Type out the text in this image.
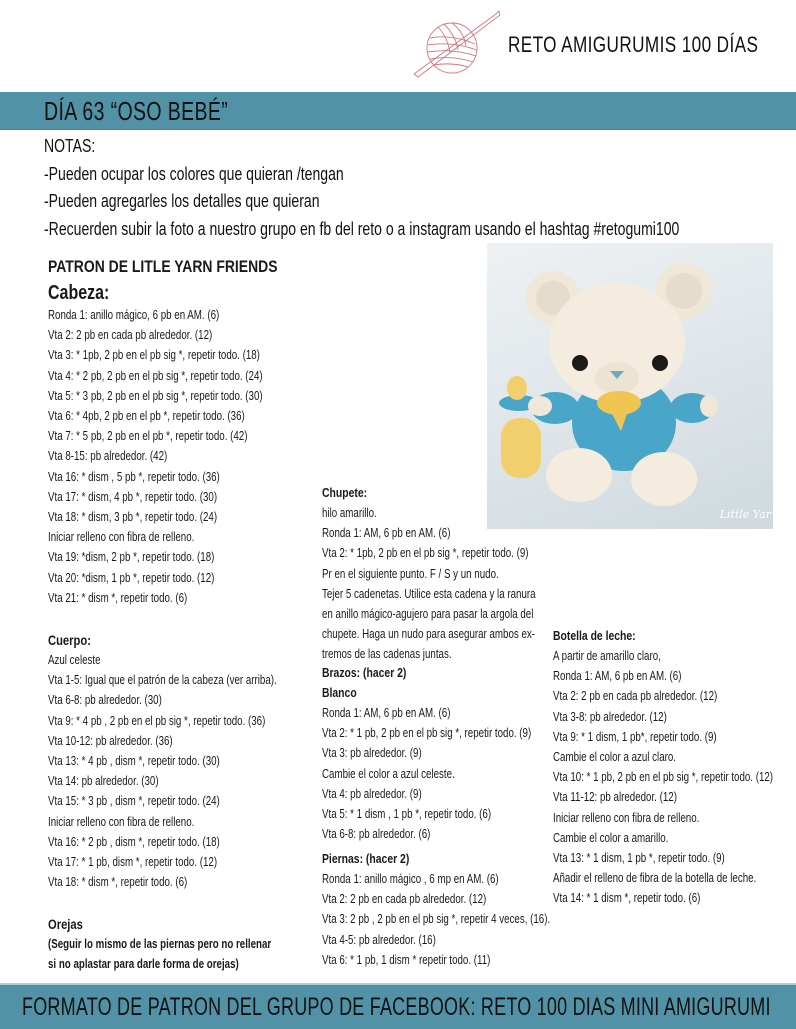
RETO AMIGURUMIS 100 DÍAS
DÍA 63 “OSO BEBÉ”
NOTAS:
-Pueden ocupar los colores que quieran /tengan
-Pueden agregarles los detalles que quieran
-Recuerden subir la foto a nuestro grupo en fb del reto o a instagram usando el hashtag #retogumi100
PATRON DE LITLE YARN FRIENDS
Cabeza:
Ronda 1: anillo mágico, 6 pb en AM. (6)
Vta 2: 2 pb en cada pb alrededor. (12)
Vta 3: * 1pb, 2 pb en el pb sig *, repetir todo. (18)
Vta 4: * 2 pb, 2 pb en el pb sig *, repetir todo. (24)
Vta 5: * 3 pb, 2 pb en el pb sig *, repetir todo. (30)
Vta 6: * 4pb, 2 pb en el pb *, repetir todo. (36)
Vta 7: * 5 pb, 2 pb en el pb *, repetir todo. (42)
Vta 8-15: pb alrededor. (42)
Vta 16: * dism , 5 pb *, repetir todo. (36)
Vta 17: * dism, 4 pb *, repetir todo. (30)
Vta 18: * dism, 3 pb *, repetir todo. (24)
Iniciar relleno con fibra de relleno.
Vta 19: *dism, 2 pb *, repetir todo. (18)
Vta 20: *dism, 1 pb *, repetir todo. (12)
Vta 21: * dism *, repetir todo. (6)
Cuerpo:
Azul celeste
Vta 1-5: Igual que el patrón de la cabeza (ver arriba).
Vta 6-8: pb alrededor. (30)
Vta 9: * 4 pb , 2 pb en el pb sig *, repetir todo. (36)
Vta 10-12: pb alrededor. (36)
Vta 13: * 4 pb , dism *, repetir todo. (30)
Vta 14: pb alrededor. (30)
Vta 15: * 3 pb , dism *, repetir todo. (24)
Iniciar relleno con fibra de relleno.
Vta 16: * 2 pb , dism *, repetir todo. (18)
Vta 17: * 1 pb, dism *, repetir todo. (12)
Vta 18: * dism *, repetir todo. (6)
Orejas
(Seguir lo mismo de las piernas pero no rellenar
si no aplastar para darle forma de orejas)
Little Yar
Chupete:
hilo amarillo.
Ronda 1: AM, 6 pb en AM. (6)
Vta 2: * 1pb, 2 pb en el pb sig *, repetir todo. (9)
Pr en el siguiente punto. F / S y un nudo.
Tejer 5 cadenetas. Utilice esta cadena y la ranura
en anillo mágico-agujero para pasar la argola del
chupete. Haga un nudo para asegurar ambos ex-
tremos de las cadenas juntas.
Brazos: (hacer 2)
Blanco
Ronda 1: AM, 6 pb en AM. (6)
Vta 2: * 1 pb, 2 pb en el pb sig *, repetir todo. (9)
Vta 3: pb alrededor. (9)
Cambie el color a azul celeste.
Vta 4: pb alrededor. (9)
Vta 5: * 1 dism , 1 pb *, repetir todo. (6)
Vta 6-8: pb alrededor. (6)
Piernas: (hacer 2)
Ronda 1: anillo mágico , 6 mp en AM. (6)
Vta 2: 2 pb en cada pb alrededor. (12)
Vta 3: 2 pb , 2 pb en el pb sig *, repetir 4 veces, (16).
Vta 4-5: pb alrededor. (16)
Vta 6: * 1 pb, 1 dism * repetir todo. (11)
Botella de leche:
A partir de amarillo claro,
Ronda 1: AM, 6 pb en AM. (6)
Vta 2: 2 pb en cada pb alrededor. (12)
Vta 3-8: pb alrededor. (12)
Vta 9: * 1 dism, 1 pb*, repetir todo. (9)
Cambie el color a azul claro.
Vta 10: * 1 pb, 2 pb en el pb sig *, repetir todo. (12)
Vta 11-12: pb alrededor. (12)
Iniciar relleno con fibra de relleno.
Cambie el color a amarillo.
Vta 13: * 1 dism, 1 pb *, repetir todo. (9)
Añadir el relleno de fibra de la botella de leche.
Vta 14: * 1 dism *, repetir todo. (6)
FORMATO DE PATRON DEL GRUPO DE FACEBOOK: RETO 100 DIAS MINI AMIGURUMI
